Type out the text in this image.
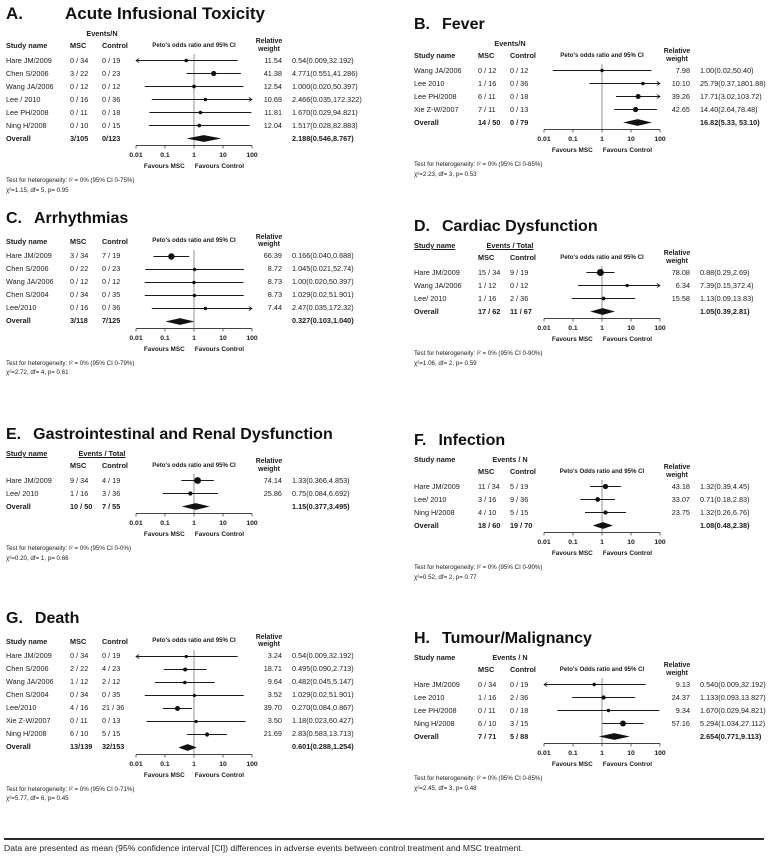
A. Acute Infusional Toxicity
Events/N
Study name	MSC	Control	Peto's odds ratio and 95% CI	Relative weight
Hare JM/2009	0 / 34	0 / 19	11.54	0.54(0.009,32.192)
Chen S/2006	3 / 22	0 / 23	41.38	4.771(0.551,41.286)
Wang JA/2006	0 / 12	0 / 12	12.54	1.000(0.020,50.397)
Lee / 2010	0 / 16	0 / 36	10.69	2.466(0.035,172.322)
Lee PH/2008	0 / 11	0 / 18	11.81	1.670(0.029,94.821)
Ning H/2008	0 / 10	0 / 15	12.04	1.517(0.028,82.883)
Overall	3/105	0/123	2.188(0.546,8.767)
0.01	0.1	1	10	100
Favours MSC Favours Control
Test for heterogeneity: I² = 0% (95% CI 0-75%)
χ²=1.15, df= 5, p= 0.95
B. Fever
Events/N
Study name	MSC	Control	Peto's odds ratio and 95% CI	Relative weight
Wang JA/2006	0 / 12	0 / 12	7.98	1.00(0.02,50.40)
Lee 2010	1 / 16	0 / 36	10.10	25.79(0.37,1801.88)
Lee PH/2008	6 / 11	0 / 18	39.26	17.71(3.02,103.72)
Xie Z-W/2007	7 / 11	0 / 13	42.65	14.40(2.64,78.48)
Overall	14 / 50	0 / 79	16.82(5.33, 53.10)
0.01	0.1	1	10	100
Favours MSC Favours Control
Test for heterogeneity: I² = 0% (95% CI 0-85%)
χ²=2.23, df= 3, p= 0.53
C. Arrhythmias
Study name	MSC	Control	Peto's odds ratio and 95% CI	Relative weight
Hare JM/2009	3 / 34	7 / 19	66.39	0.166(0.040,0.688)
Chen S/2006	0 / 22	0 / 23	8.72	1.045(0.021,52.74)
Wang JA/2006	0 / 12	0 / 12	8.73	1.00(0.020,50.397)
Chen S/2004	0 / 34	0 / 35	8.73	1.029(0.02,51.901)
Lee/2010	0 / 16	0 / 36	7.44	2.47(0.035,172.32)
Overall	3/118	7/125	0.327(0.103,1.040)
0.01	0.1	1	10	100
Favours MSC Favours Control
Test for heterogeneity: I² = 0% (95% CI 0-79%)
χ²=2.72, df= 4, p= 0.61
D. Cardiac Dysfunction
Study name	Events / Total
MSC	Control	Peto's odds ratio and 95% CI	Relative weight
Hare JM/2009	15 / 34	9 / 19	78.08	0.88(0.29,2.69)
Wang JA/2006	1 / 12	0 / 12	6.34	7.39(0.15,372.4)
Lee/ 2010	1 / 16	2 / 36	15.58	1.13(0.09,13.83)
Overall	17 / 62	11 / 67	1.05(0.39,2.81)
0.01	0.1	1	10	100
Favours MSC Favours Control
Test for heterogeneity: I² = 0% (95% CI 0-90%)
χ²=1.06, df= 2, p= 0.59
E. Gastrointestinal and Renal Dysfunction
Study name	Events / Total
MSC	Control	Peto's odds ratio and 95% CI	Relative weight
Hare JM/2009	9 / 34	4 / 19	74.14	1.33(0.366,4.853)
Lee/ 2010	1 / 16	3 / 36	25.86	0.75(0.084,6.692)
Overall	10 / 50	7 / 55	1.15(0.377,3.495)
0.01	0.1	1	10	100
Favours MSC Favours Control
Test for heterogeneity: I² = 0% (95% CI 0-0%)
χ²=0.20, df= 1, p= 0.66
F. Infection
Study name	Events / N
MSC	Control	Peto's Odds ratio and 95% CI	Relative weight
Hare JM/2009	11 / 34	5 / 19	43.18	1.32(0.39,4.45)
Lee/ 2010	3 / 16	9 / 36	33.07	0.71(0.18,2.83)
Ning H/2008	4 / 10	5 / 15	23.75	1.32(0.26,6.76)
Overall	18 / 60	19 / 70	1.08(0.48,2.38)
0.01	0.1	1	10	100
Favours MSC Favours Control
Test for heterogeneity: I² = 0% (95% CI 0-90%)
χ²=0.52, df= 2, p= 0.77
G. Death
Study name	MSC	Control	Peto's odds ratio and 95% CI	Relative weight
Hare JM/2009	0 / 34	0 / 19	3.24	0.54(0.009,32.192)
Chen S/2006	2 / 22	4 / 23	18.71	0.495(0.090,2.713)
Wang JA/2006	1 / 12	2 / 12	9.64	0.482(0.045,5.147)
Chen S/2004	0 / 34	0 / 35	3.52	1.029(0.02,51.901)
Lee/2010	4 / 16	21 / 36	39.70	0.270(0.084,0.867)
Xie Z-W/2007	0 / 11	0 / 13	3.50	1.18(0.023,60.427)
Ning H/2008	6 / 10	5 / 15	21.69	2.83(0.583,13.713)
Overall	13/139	32/153	0.601(0.288,1.254)
0.01	0.1	1	10	100
Favours MSC Favours Control
Test for heterogeneity: I² = 0% (95% CI 0-71%)
χ²=5.77, df= 6, p= 0.45
H. Tumour/Malignancy
Study name	Events / N
MSC	Control	Peto's Odds ratio and 95% CI	Relative weight
Hare JM/2009	0 / 34	0 / 19	9.13	0.540(0.009,32.192)
Lee 2010	1 / 16	2 / 36	24.37	1.133(0.093,13.827)
Lee PH/2008	0 / 11	0 / 18	9.34	1.670(0.029,94.821)
Ning H/2008	6 / 10	3 / 15	57.16	5.294(1.034,27.112)
Overall	7 / 71	5 / 88	2.654(0.771,9.113)
0.01	0.1	1	10	100
Favours MSC Favours Control
Test for heterogeneity: I² = 0% (95% CI 0-85%)
χ²=2.45, df= 3, p= 0.48
Data are presented as mean (95% confidence interval [CI]) differences in adverse events between control treatment and MSC treatment.
